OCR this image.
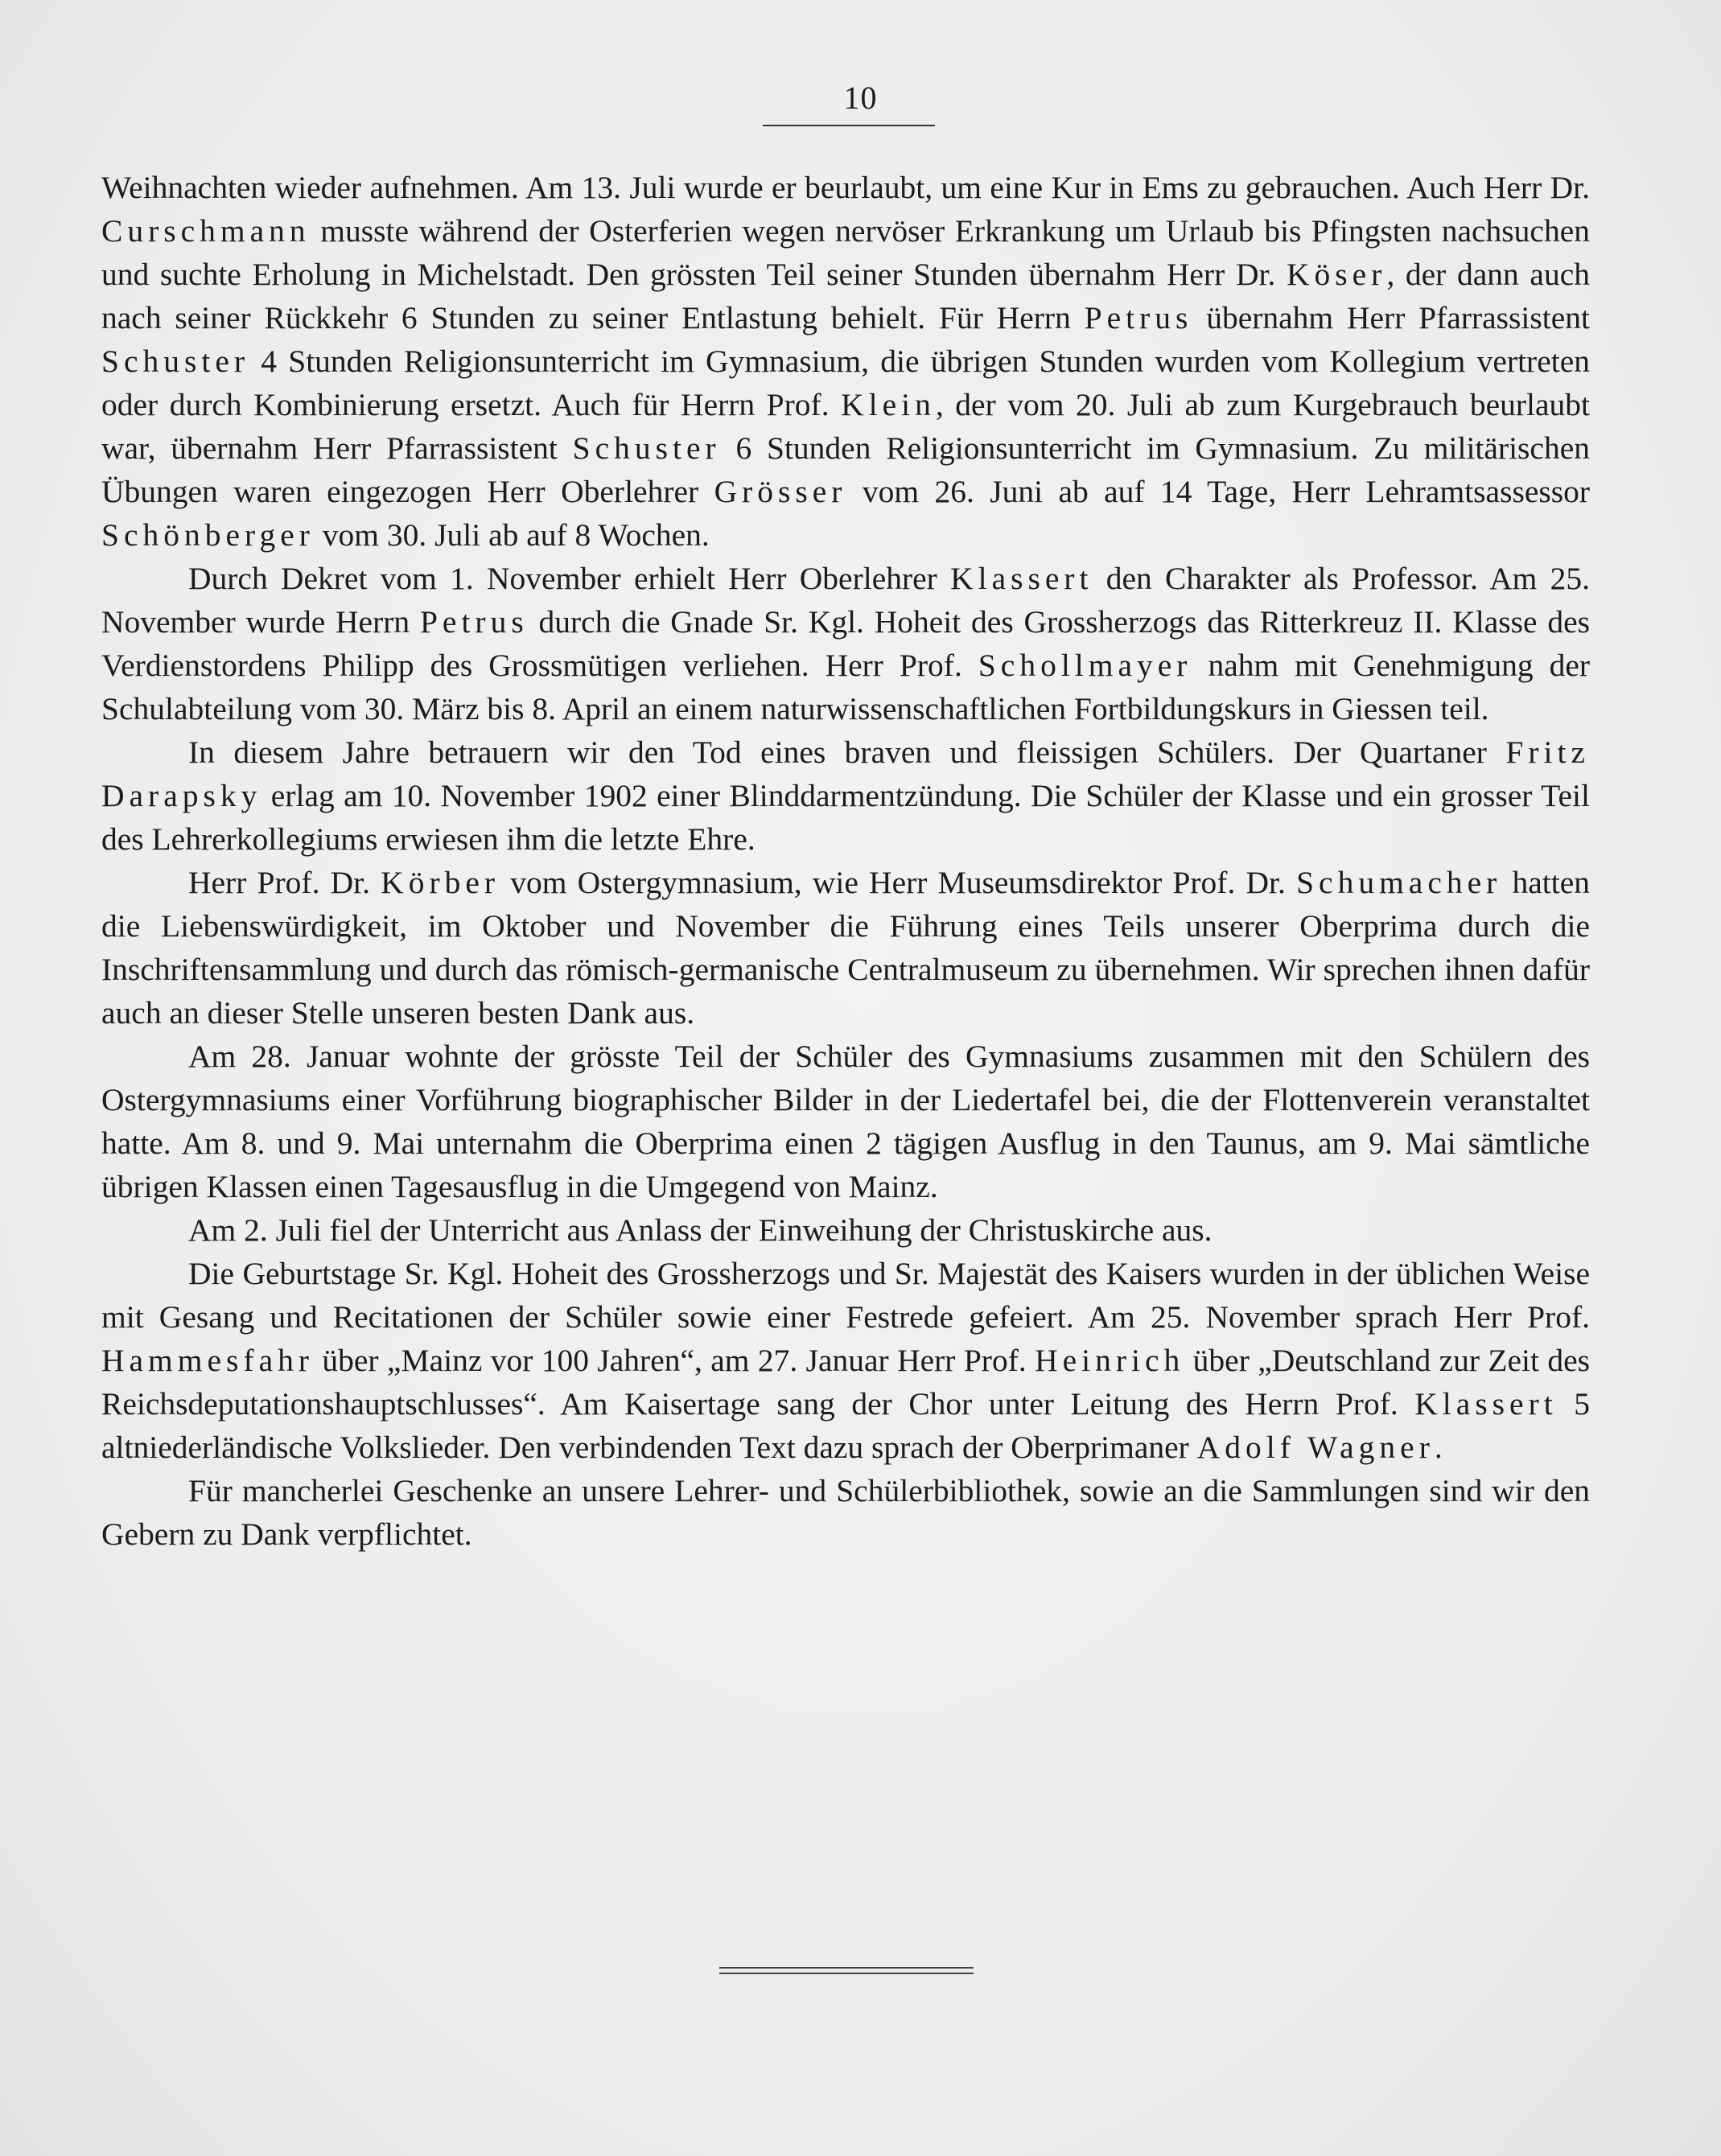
10

Weihnachten wieder aufnehmen. Am 13. Juli wurde er beurlaubt, um eine Kur in Ems zu gebrauchen. Auch Herr Dr. Curschmann musste während der Osterferien wegen nervöser Erkrankung um Urlaub bis Pfingsten nachsuchen und suchte Erholung in Michelstadt. Den grössten Teil seiner Stunden übernahm Herr Dr. Köser, der dann auch nach seiner Rückkehr 6 Stunden zu seiner Entlastung behielt. Für Herrn Petrus übernahm Herr Pfarrassistent Schuster 4 Stunden Religionsunterricht im Gymnasium, die übrigen Stunden wurden vom Kollegium vertreten oder durch Kombinierung ersetzt. Auch für Herrn Prof. Klein, der vom 20. Juli ab zum Kurgebrauch beurlaubt war, übernahm Herr Pfarrassistent Schuster 6 Stunden Religionsunterricht im Gymnasium. Zu militärischen Übungen waren eingezogen Herr Oberlehrer Grösser vom 26. Juni ab auf 14 Tage, Herr Lehramtsassessor Schönberger vom 30. Juli ab auf 8 Wochen.

Durch Dekret vom 1. November erhielt Herr Oberlehrer Klassert den Charakter als Professor. Am 25. November wurde Herrn Petrus durch die Gnade Sr. Kgl. Hoheit des Grossherzogs das Ritterkreuz II. Klasse des Verdienstordens Philipp des Grossmütigen verliehen. Herr Prof. Schollmayer nahm mit Genehmigung der Schulabteilung vom 30. März bis 8. April an einem naturwissenschaftlichen Fortbildungskurs in Giessen teil.

In diesem Jahre betrauern wir den Tod eines braven und fleissigen Schülers. Der Quartaner Fritz Darapsky erlag am 10. November 1902 einer Blinddarmentzündung. Die Schüler der Klasse und ein grosser Teil des Lehrerkollegiums erwiesen ihm die letzte Ehre.

Herr Prof. Dr. Körber vom Ostergymnasium, wie Herr Museumsdirektor Prof. Dr. Schumacher hatten die Liebenswürdigkeit, im Oktober und November die Führung eines Teils unserer Oberprima durch die Inschriftensammlung und durch das römisch-germanische Centralmuseum zu übernehmen. Wir sprechen ihnen dafür auch an dieser Stelle unseren besten Dank aus.

Am 28. Januar wohnte der grösste Teil der Schüler des Gymnasiums zusammen mit den Schülern des Ostergymnasiums einer Vorführung biographischer Bilder in der Liedertafel bei, die der Flottenverein veranstaltet hatte. Am 8. und 9. Mai unternahm die Oberprima einen 2 tägigen Ausflug in den Taunus, am 9. Mai sämtliche übrigen Klassen einen Tagesausflug in die Umgegend von Mainz.

Am 2. Juli fiel der Unterricht aus Anlass der Einweihung der Christuskirche aus.

Die Geburtstage Sr. Kgl. Hoheit des Grossherzogs und Sr. Majestät des Kaisers wurden in der üblichen Weise mit Gesang und Recitationen der Schüler sowie einer Festrede gefeiert. Am 25. November sprach Herr Prof. Hammesfahr über „Mainz vor 100 Jahren“, am 27. Januar Herr Prof. Heinrich über „Deutschland zur Zeit des Reichsdeputationshauptschlusses“. Am Kaisertage sang der Chor unter Leitung des Herrn Prof. Klassert 5 altniederländische Volkslieder. Den verbindenden Text dazu sprach der Oberprimaner Adolf Wagner.

Für mancherlei Geschenke an unsere Lehrer- und Schülerbibliothek, sowie an die Sammlungen sind wir den Gebern zu Dank verpflichtet.
